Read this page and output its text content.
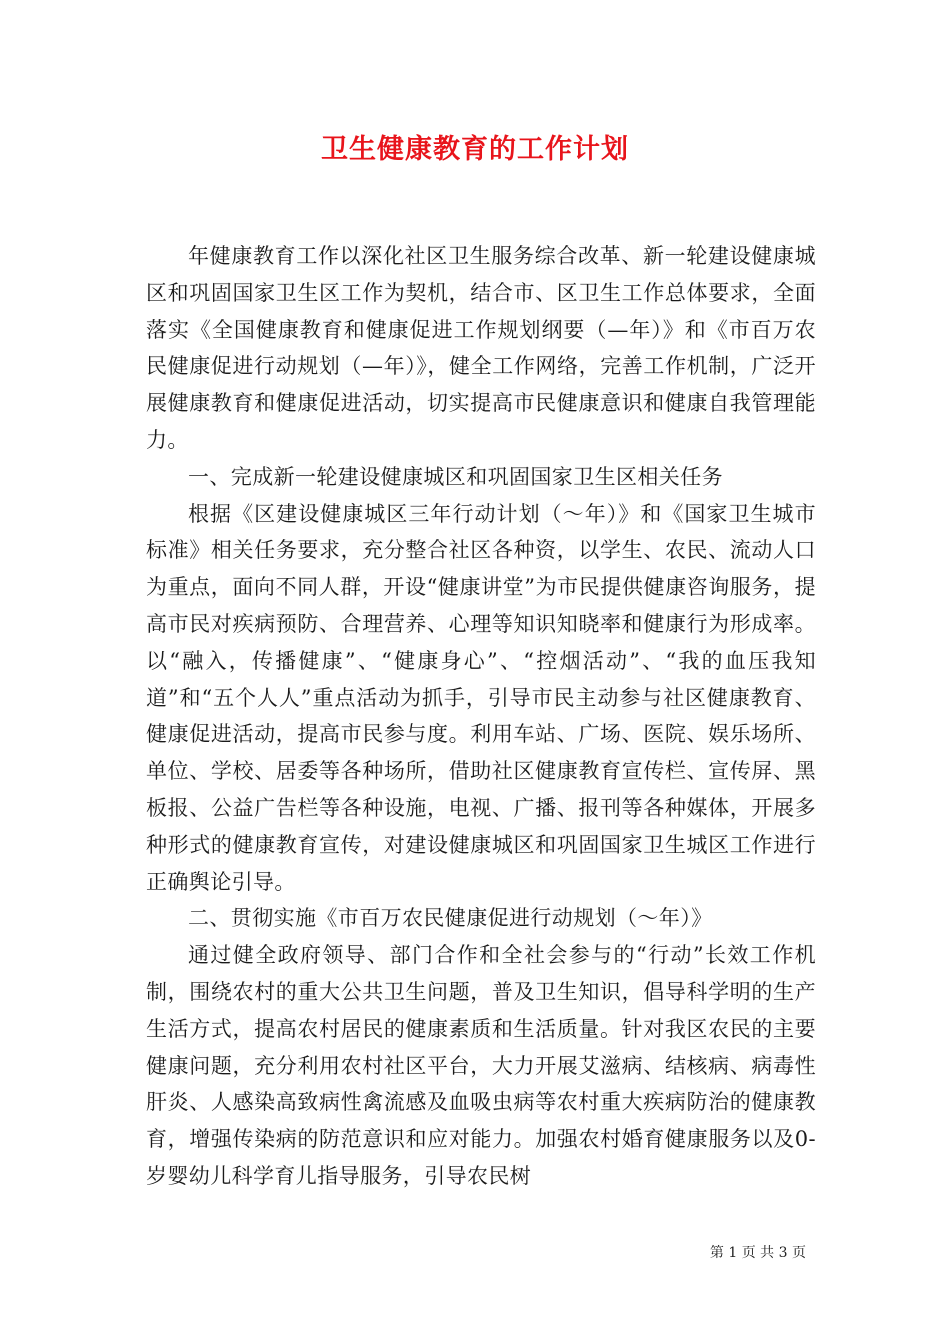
卫生健康教育的工作计划

年健康教育工作以深化社区卫生服务综合改革、新一轮建设健康城区和巩固国家卫生区工作为契机，结合市、区卫生工作总体要求，全面落实《全国健康教育和健康促进工作规划纲要（—年）》和《市百万农民健康促进行动规划（—年）》，健全工作网络，完善工作机制，广泛开展健康教育和健康促进活动，切实提高市民健康意识和健康自我管理能力。

一、完成新一轮建设健康城区和巩固国家卫生区相关任务

根据《区建设健康城区三年行动计划（～年）》和《国家卫生城市标准》相关任务要求，充分整合社区各种资，以学生、农民、流动人口为重点，面向不同人群，开设“健康讲堂”为市民提供健康咨询服务，提高市民对疾病预防、合理营养、心理等知识知晓率和健康行为形成率。以“融入，传播健康”、“健康身心”、“控烟活动”、“我的血压我知道”和“五个人人”重点活动为抓手，引导市民主动参与社区健康教育、健康促进活动，提高市民参与度。利用车站、广场、医院、娱乐场所、单位、学校、居委等各种场所，借助社区健康教育宣传栏、宣传屏、黑板报、公益广告栏等各种设施，电视、广播、报刊等各种媒体，开展多种形式的健康教育宣传，对建设健康城区和巩固国家卫生城区工作进行正确舆论引导。

二、贯彻实施《市百万农民健康促进行动规划（～年）》

通过健全政府领导、部门合作和全社会参与的“行动”长效工作机制，围绕农村的重大公共卫生问题，普及卫生知识，倡导科学明的生产生活方式，提高农村居民的健康素质和生活质量。针对我区农民的主要健康问题，充分利用农村社区平台，大力开展艾滋病、结核病、病毒性肝炎、人感染高致病性禽流感及血吸虫病等农村重大疾病防治的健康教育，增强传染病的防范意识和应对能力。加强农村婚育健康服务以及0-岁婴幼儿科学育儿指导服务，引导农民树

第 1 页 共 3 页
